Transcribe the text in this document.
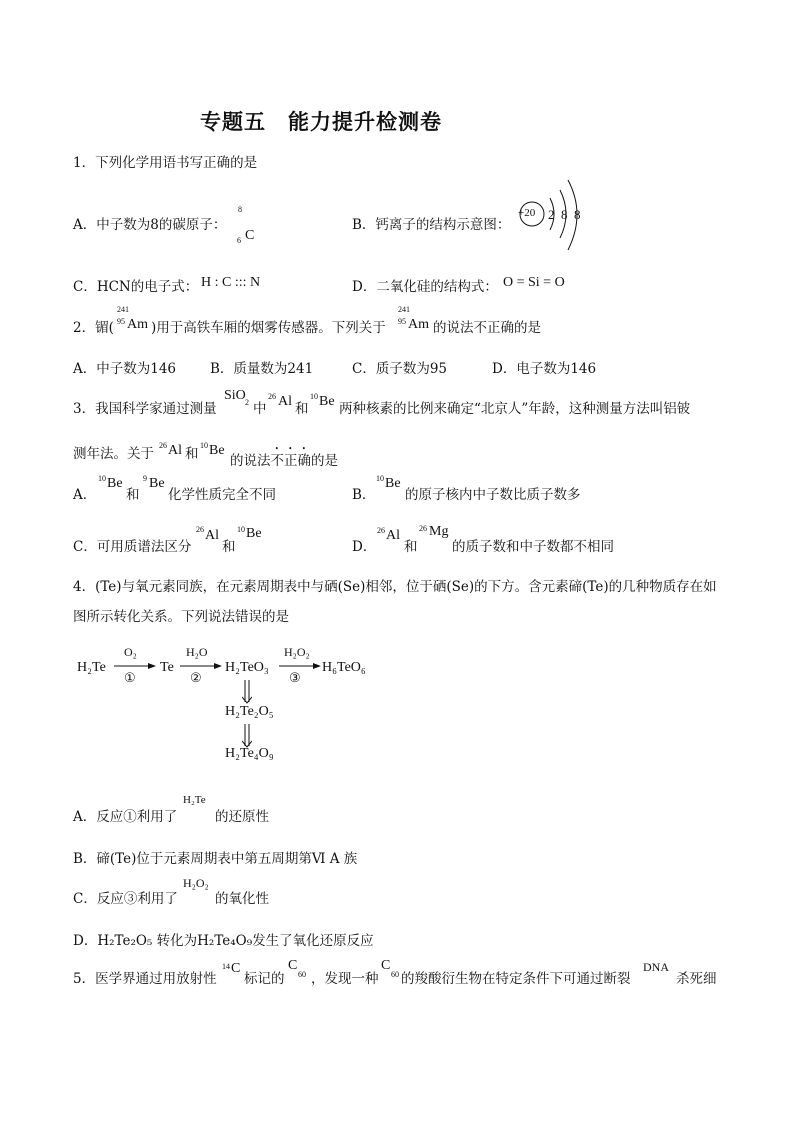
专题五　能力提升检测卷
1．下列化学用语书写正确的是
A．中子数为8的碳原子：
8
6 C
B．钙离子的结构示意图：
+20 2 8 8
C．HCN的电子式： H : C ::: N	D．二氧化硅的结构式： O = Si = O
2．镅(
241
95 Am )用于高铁车厢的烟雾传感器。下列关于
241
95 Am 的说法不正确的是
A．中子数为146	B．质量数为241	C．质子数为95	D．电子数为146
3．我国科学家通过测量
SiO 2 中
26 Al 和
10 Be 两种核素的比例来确定“北京人”年龄，这种测量方法叫铝铍
测年法。关于
26 Al 和
10 Be
的说法不正确的是
A．
10 Be
和
9 Be
化学性质完全不同	B．
10 Be
的原子核内中子数比质子数多
C．可用质谱法区分
26 Al
和
10 Be
D．
26 Al
和
26 Mg
的质子数和中子数都不相同
4．(Te)与氧元素同族，在元素周期表中与硒(Se)相邻，位于硒(Se)的下方。含元素碲(Te)的几种物质存在如
图所示转化关系。下列说法错误的是
H₂Te
O₂
①
Te
H₂O
②
H₂TeO₃
H₂O₂
③
H₆TeO₆
H₂Te₂O₅
H₂Te₄O₉
A．反应①利用了
H₂Te
的还原性
B．碲(Te)位于元素周期表中第五周期第Ⅵ A 族
C．反应③利用了
H₂O₂
的氧化性
D．H₂Te₂O₅ 转化为H₂Te₄O₉发生了氧化还原反应
5．医学界通过用放射性
14 C
标记的
C
60 ，发现一种
C
60 的羧酸衍生物在特定条件下可通过断裂
DNA
杀死细
